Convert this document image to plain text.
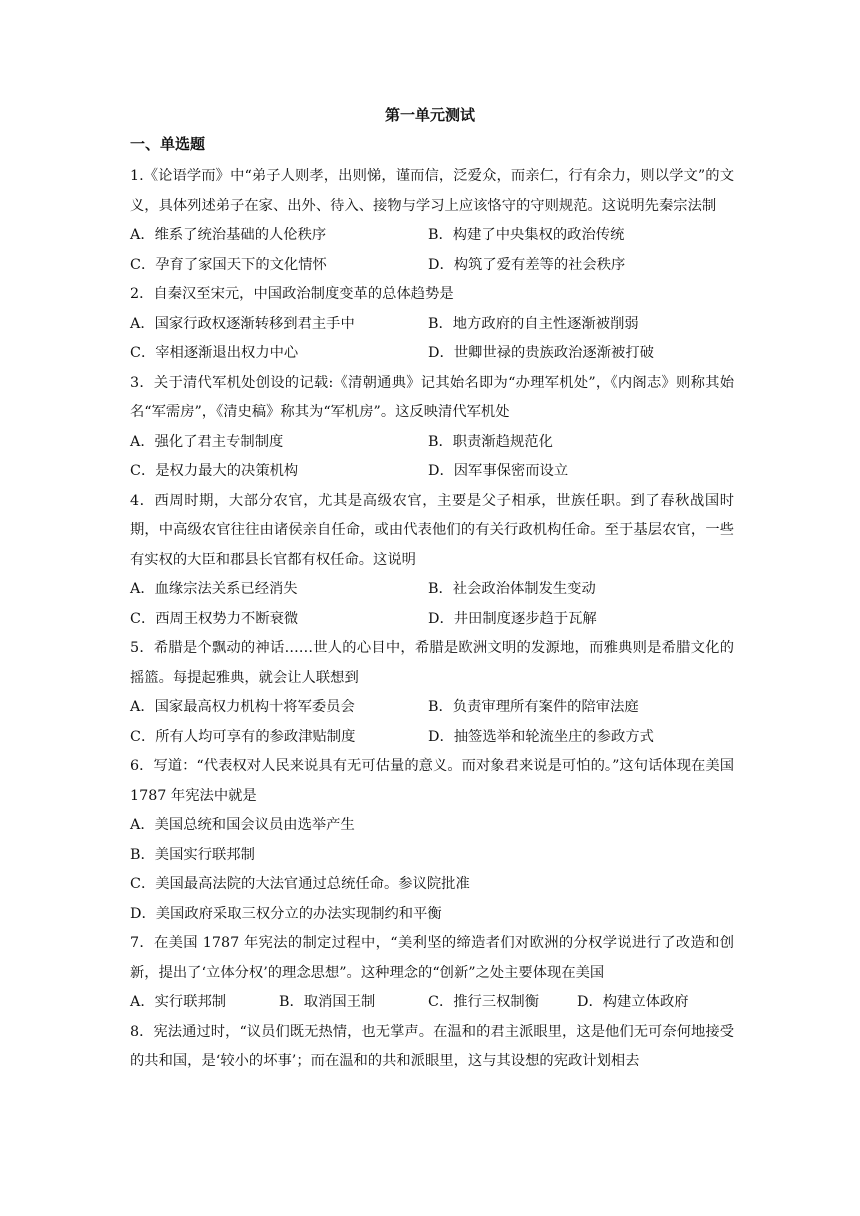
第一单元测试
一、单选题

1.《论语学而》中“弟子人则孝，出则悌，谨而信，泛爱众，而亲仁，行有余力，则以学文”的文义，具体列述弟子在家、出外、待入、接物与学习上应该恪守的守则规范。这说明先秦宗法制

A．维系了统治基础的人伦秩序	B．构建了中央集权的政治传统
C．孕育了家国天下的文化情怀	D．构筑了爱有差等的社会秩序

2．自秦汉至宋元，中国政治制度变革的总体趋势是

A．国家行政权逐渐转移到君主手中	B．地方政府的自主性逐渐被削弱
C．宰相逐渐退出权力中心	D．世卿世禄的贵族政治逐渐被打破

3．关于清代军机处创设的记载:《清朝通典》记其始名即为“办理军机处”，《内阁志》则称其始名“军需房”，《清史稿》称其为“军机房”。这反映清代军机处

A．强化了君主专制制度	B．职责渐趋规范化
C．是权力最大的决策机构	D．因军事保密而设立

4．西周时期，大部分农官，尤其是高级农官，主要是父子相承，世族任职。到了春秋战国时期，中高级农官往往由诸侯亲自任命，或由代表他们的有关行政机构任命。至于基层农官，一些有实权的大臣和郡县长官都有权任命。这说明

A．血缘宗法关系已经消失	B．社会政治体制发生变动
C．西周王权势力不断衰微	D．井田制度逐步趋于瓦解

5．希腊是个飘动的神话……世人的心目中，希腊是欧洲文明的发源地，而雅典则是希腊文化的摇篮。每提起雅典，就会让人联想到

A．国家最高权力机构十将军委员会	B．负责审理所有案件的陪审法庭
C．所有人均可享有的参政津贴制度	D．抽签选举和轮流坐庄的参政方式

6．写道：“代表权对人民来说具有无可估量的意义。而对象君来说是可怕的。”这句话体现在美国 1787 年宪法中就是

A．美国总统和国会议员由选举产生
B．美国实行联邦制
C．美国最高法院的大法官通过总统任命。参议院批准
D．美国政府采取三权分立的办法实现制约和平衡

7．在美国 1787 年宪法的制定过程中，“美利坚的缔造者们对欧洲的分权学说进行了改造和创新，提出了‘立体分权’的理念思想”。这种理念的“创新”之处主要体现在美国

A．实行联邦制	B．取消国王制	C．推行三权制衡	D．构建立体政府

8．宪法通过时，“议员们既无热情，也无掌声。在温和的君主派眼里，这是他们无可奈何地接受的共和国，是‘较小的坏事’；而在温和的共和派眼里，这与其设想的宪政计划相去
